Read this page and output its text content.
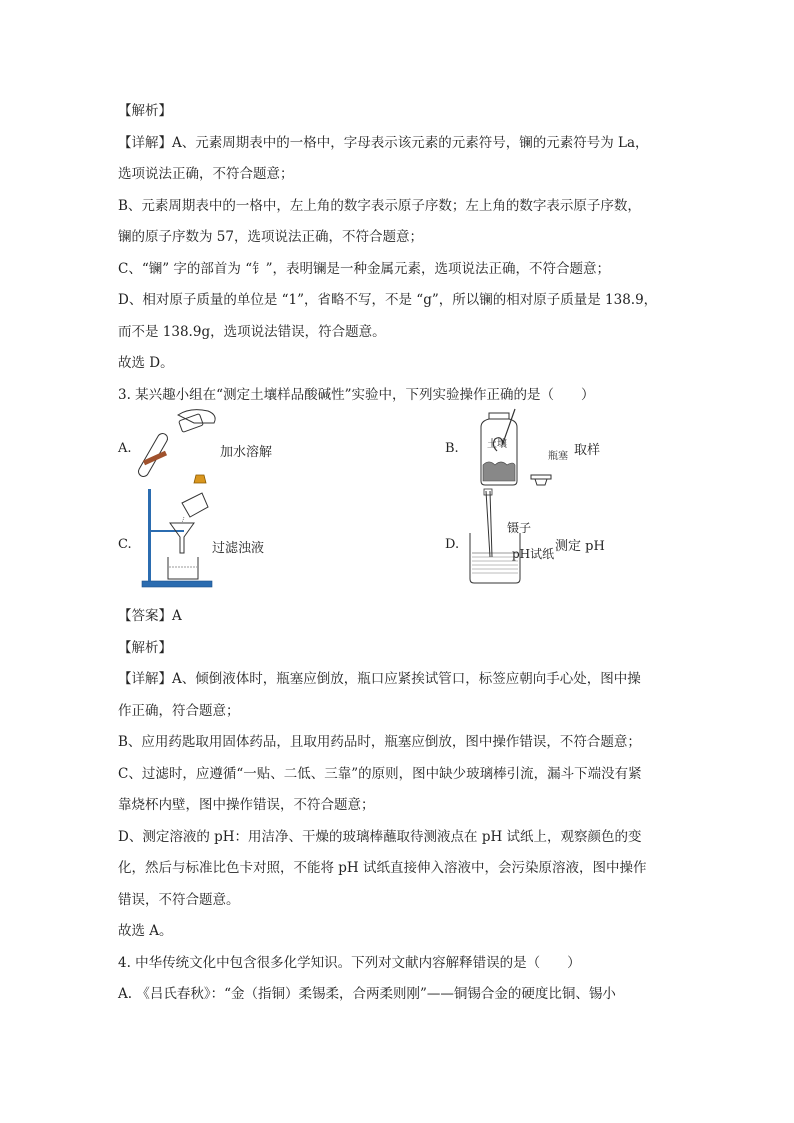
【解析】
【详解】A、元素周期表中的一格中，字母表示该元素的元素符号，镧的元素符号为 La，
选项说法正确，不符合题意；
B、元素周期表中的一格中，左上角的数字表示原子序数；左上角的数字表示原子序数，
镧的原子序数为 57，选项说法正确，不符合题意；
C、“镧” 字的部首为 “钅”，表明镧是一种金属元素，选项说法正确，不符合题意；
D、相对原子质量的单位是 “1”，省略不写，不是 “g”，所以镧的相对原子质量是 138.9，
而不是 138.9g，选项说法错误，符合题意。
故选 D。
3. 某兴趣小组在“测定土壤样品酸碱性”实验中，下列实验操作正确的是（　　）
A.	加水溶解	B.	土壤
瓶塞 取样
C.	过滤浊液	D.
镊子
pH试纸 测定 pH
【答案】A
【解析】
【详解】A、倾倒液体时，瓶塞应倒放，瓶口应紧挨试管口，标签应朝向手心处，图中操
作正确，符合题意；
B、应用药匙取用固体药品，且取用药品时，瓶塞应倒放，图中操作错误，不符合题意；
C、过滤时，应遵循“一贴、二低、三靠”的原则，图中缺少玻璃棒引流，漏斗下端没有紧
靠烧杯内壁，图中操作错误，不符合题意；
D、测定溶液的 pH：用洁净、干燥的玻璃棒蘸取待测液点在 pH 试纸上，观察颜色的变
化，然后与标准比色卡对照，不能将 pH 试纸直接伸入溶液中，会污染原溶液，图中操作
错误，不符合题意。
故选 A。
4. 中华传统文化中包含很多化学知识。下列对文献内容解释错误的是（　　）
A. 《吕氏春秋》：“金（指铜）柔锡柔，合两柔则刚”——铜锡合金的硬度比铜、锡小
